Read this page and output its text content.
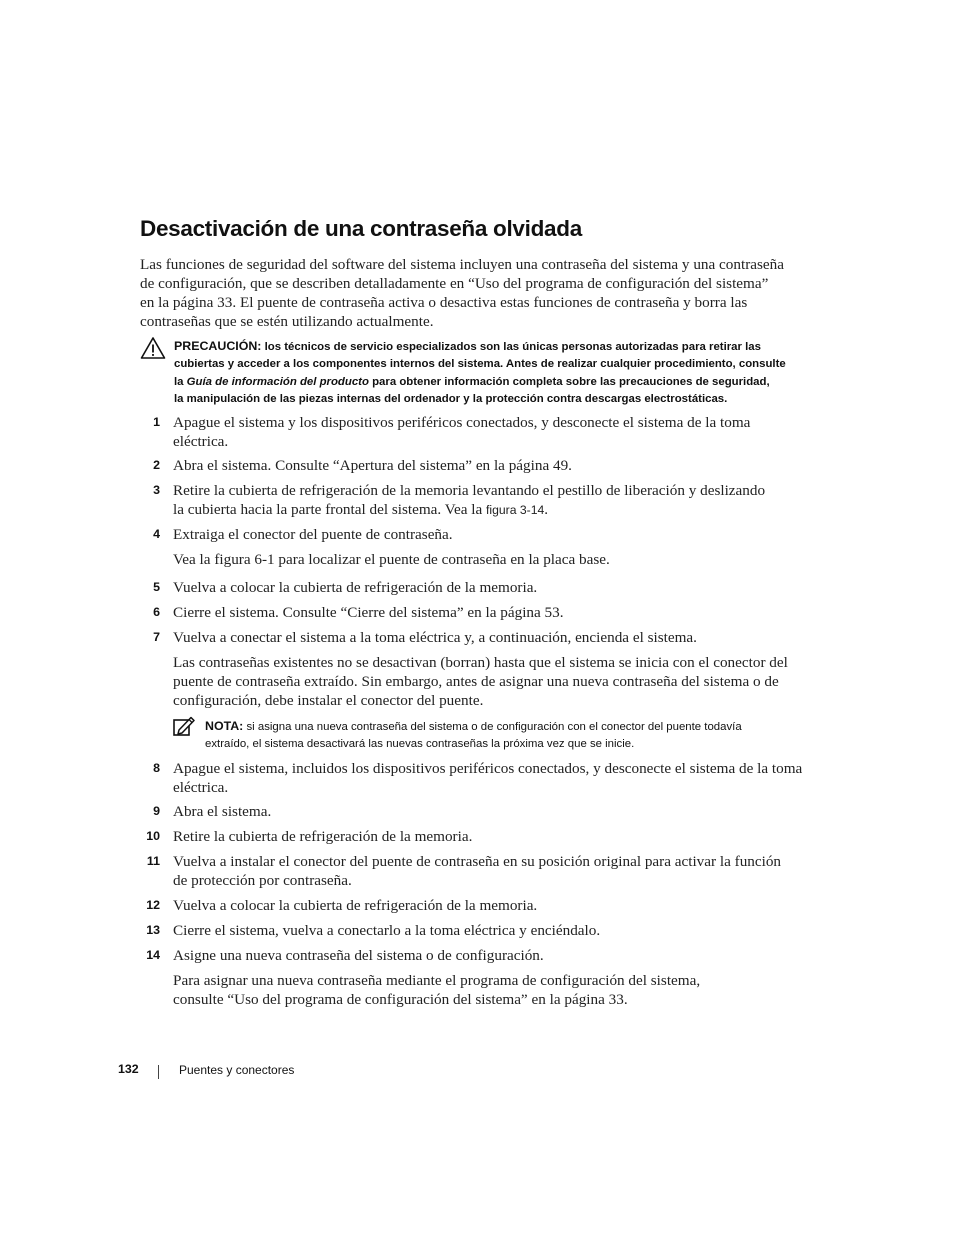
Desactivación de una contraseña olvidada

Las funciones de seguridad del software del sistema incluyen una contraseña del sistema y una contraseña
de configuración, que se describen detalladamente en “Uso del programa de configuración del sistema”
en la página 33. El puente de contraseña activa o desactiva estas funciones de contraseña y borra las
contraseñas que se estén utilizando actualmente.

PRECAUCIÓN: los técnicos de servicio especializados son las únicas personas autorizadas para retirar las
cubiertas y acceder a los componentes internos del sistema. Antes de realizar cualquier procedimiento, consulte
la Guía de información del producto para obtener información completa sobre las precauciones de seguridad,
la manipulación de las piezas internas del ordenador y la protección contra descargas electrostáticas.
1 Apague el sistema y los dispositivos periféricos conectados, y desconecte el sistema de la toma
eléctrica.
2 Abra el sistema. Consulte “Apertura del sistema” en la página 49.
3 Retire la cubierta de refrigeración de la memoria levantando el pestillo de liberación y deslizando
la cubierta hacia la parte frontal del sistema. Vea la figura 3-14.
4 Extraiga el conector del puente de contraseña.
5 Vuelva a colocar la cubierta de refrigeración de la memoria.
6 Cierre el sistema. Consulte “Cierre del sistema” en la página 53.
7 Vuelva a conectar el sistema a la toma eléctrica y, a continuación, encienda el sistema.
8 Apague el sistema, incluidos los dispositivos periféricos conectados, y desconecte el sistema de la toma
eléctrica.
9 Abra el sistema.
10 Retire la cubierta de refrigeración de la memoria.
11 Vuelva a instalar el conector del puente de contraseña en su posición original para activar la función
de protección por contraseña.
12 Vuelva a colocar la cubierta de refrigeración de la memoria.
13 Cierre el sistema, vuelva a conectarlo a la toma eléctrica y enciéndalo.
14 Asigne una nueva contraseña del sistema o de configuración.
Vea la figura 6-1 para localizar el puente de contraseña en la placa base.
Las contraseñas existentes no se desactivan (borran) hasta que el sistema se inicia con el conector del
puente de contraseña extraído. Sin embargo, antes de asignar una nueva contraseña del sistema o de
configuración, debe instalar el conector del puente.
NOTA: si asigna una nueva contraseña del sistema o de configuración con el conector del puente todavía
extraído, el sistema desactivará las nuevas contraseñas la próxima vez que se inicie.
Para asignar una nueva contraseña mediante el programa de configuración del sistema,
consulte “Uso del programa de configuración del sistema” en la página 33.
132	Puentes y conectores
